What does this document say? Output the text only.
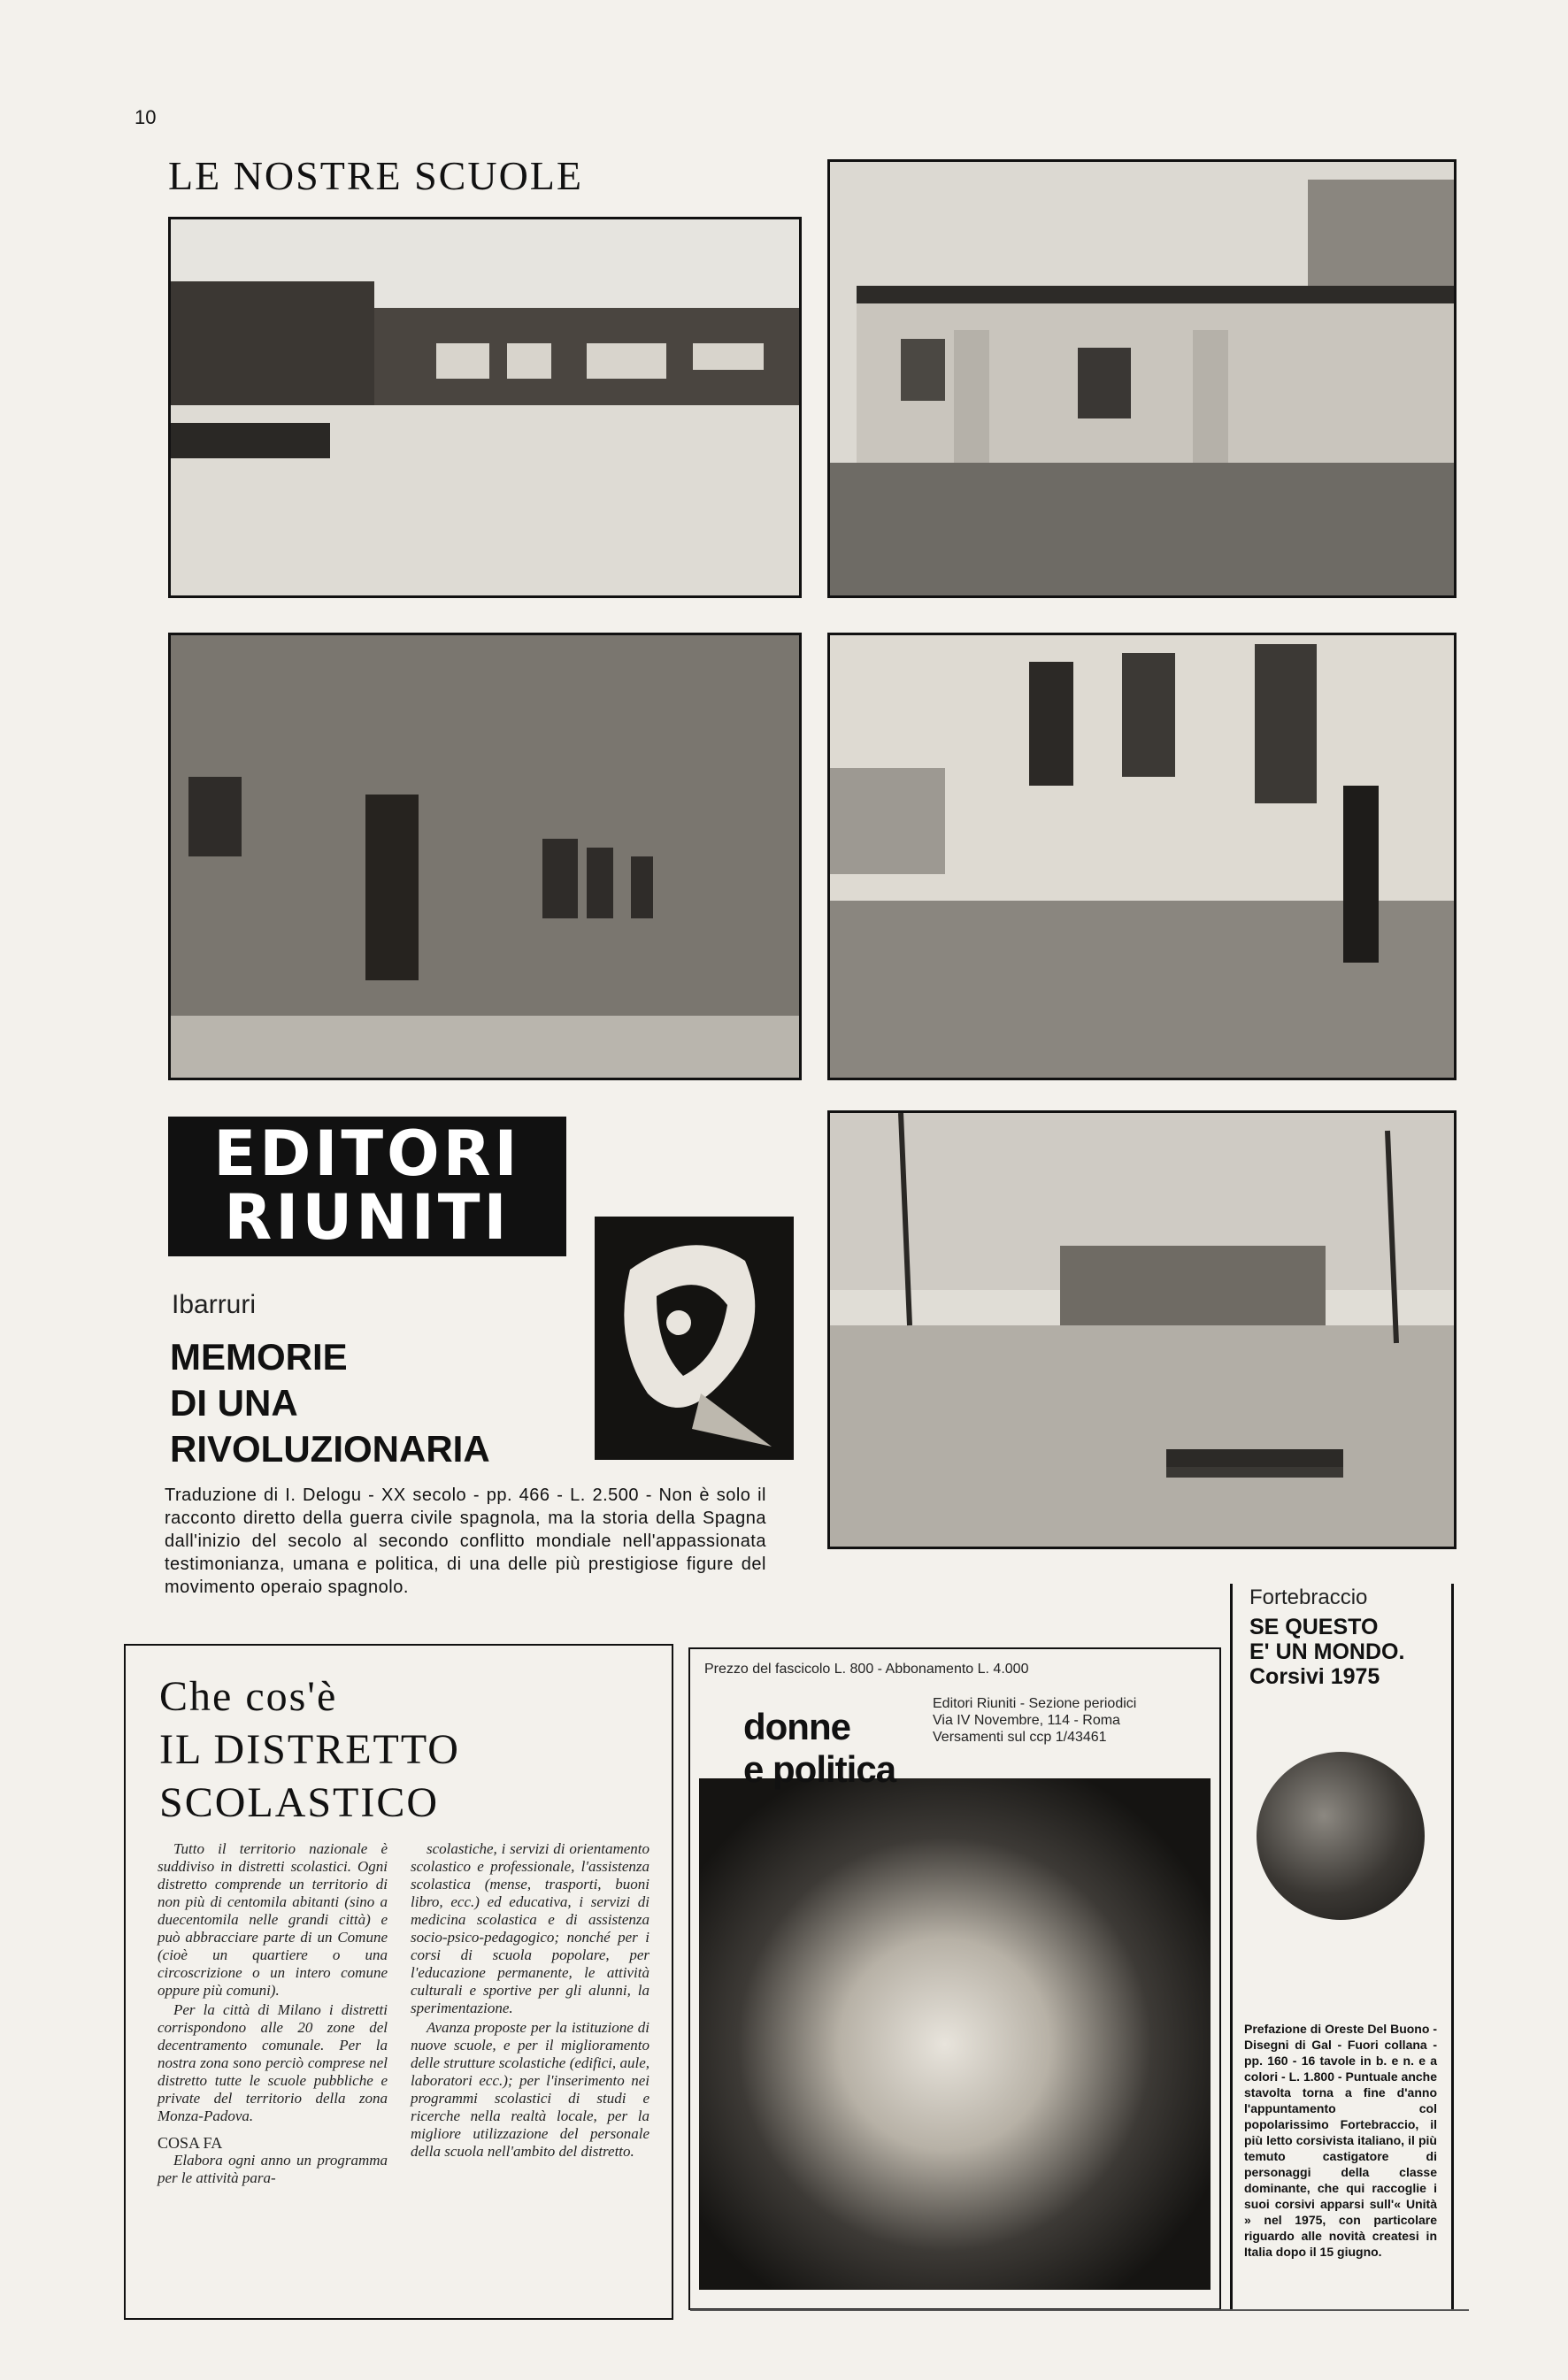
10
LE NOSTRE SCUOLE
EDITORI
RIUNITI
Ibarruri
MEMORIE
DI UNA
RIVOLUZIONARIA
Traduzione di I. Delogu - XX secolo - pp. 466 - L. 2.500 - Non è solo il racconto diretto della guerra civile spagnola, ma la storia della Spagna dall'inizio del secolo al secondo conflitto mondiale nell'appassionata testimonianza, umana e politica, di una delle più prestigiose figure del movimento operaio spagnolo.
Che cos'è
IL DISTRETTO
SCOLASTICO

Tutto il territorio nazionale è suddiviso in distretti scolastici. Ogni distretto comprende un territorio di non più di centomila abitanti (sino a duecentomila nelle grandi città) e può abbracciare parte di un Comune (cioè un quartiere o una circoscrizione o un intero comune oppure più comuni).

Per la città di Milano i distretti corrispondono alle 20 zone del decentramento comunale. Per la nostra zona sono perciò comprese nel distretto tutte le scuole pubbliche e private del territorio della zona Monza-Padova.

COSA FA

Elabora ogni anno un programma per le attività para-

scolastiche, i servizi di orientamento scolastico e professionale, l'assistenza scolastica (mense, trasporti, buoni libro, ecc.) ed educativa, i servizi di medicina scolastica e di assistenza socio-psico-pedagogico; nonché per i corsi di scuola popolare, per l'educazione permanente, le attività culturali e sportive per gli alunni, la sperimentazione.

Avanza proposte per la istituzione di nuove scuole, e per il miglioramento delle strutture scolastiche (edifici, aule, laboratori ecc.); per l'inserimento nei programmi scolastici di studi e ricerche nella realtà locale, per la migliore utilizzazione del personale della scuola nell'ambito del distretto.

Prezzo del fascicolo L. 800 - Abbonamento L. 4.000
Editori Riuniti - Sezione periodici
Via IV Novembre, 114 - Roma
Versamenti sul ccp 1/43461
donne
e politica
Fortebraccio
SE QUESTO
E' UN MONDO.
Corsivi 1975
Prefazione di Oreste Del Buono - Disegni di Gal - Fuori collana - pp. 160 - 16 tavole in b. e n. e a colori - L. 1.800 - Puntuale anche stavolta torna a fine d'anno l'appuntamento col popolarissimo Fortebraccio, il più letto corsivista italiano, il più temuto castigatore di personaggi della classe dominante, che qui raccoglie i suoi corsivi apparsi sull'« Unità » nel 1975, con particolare riguardo alle novità createsi in Italia dopo il 15 giugno.
